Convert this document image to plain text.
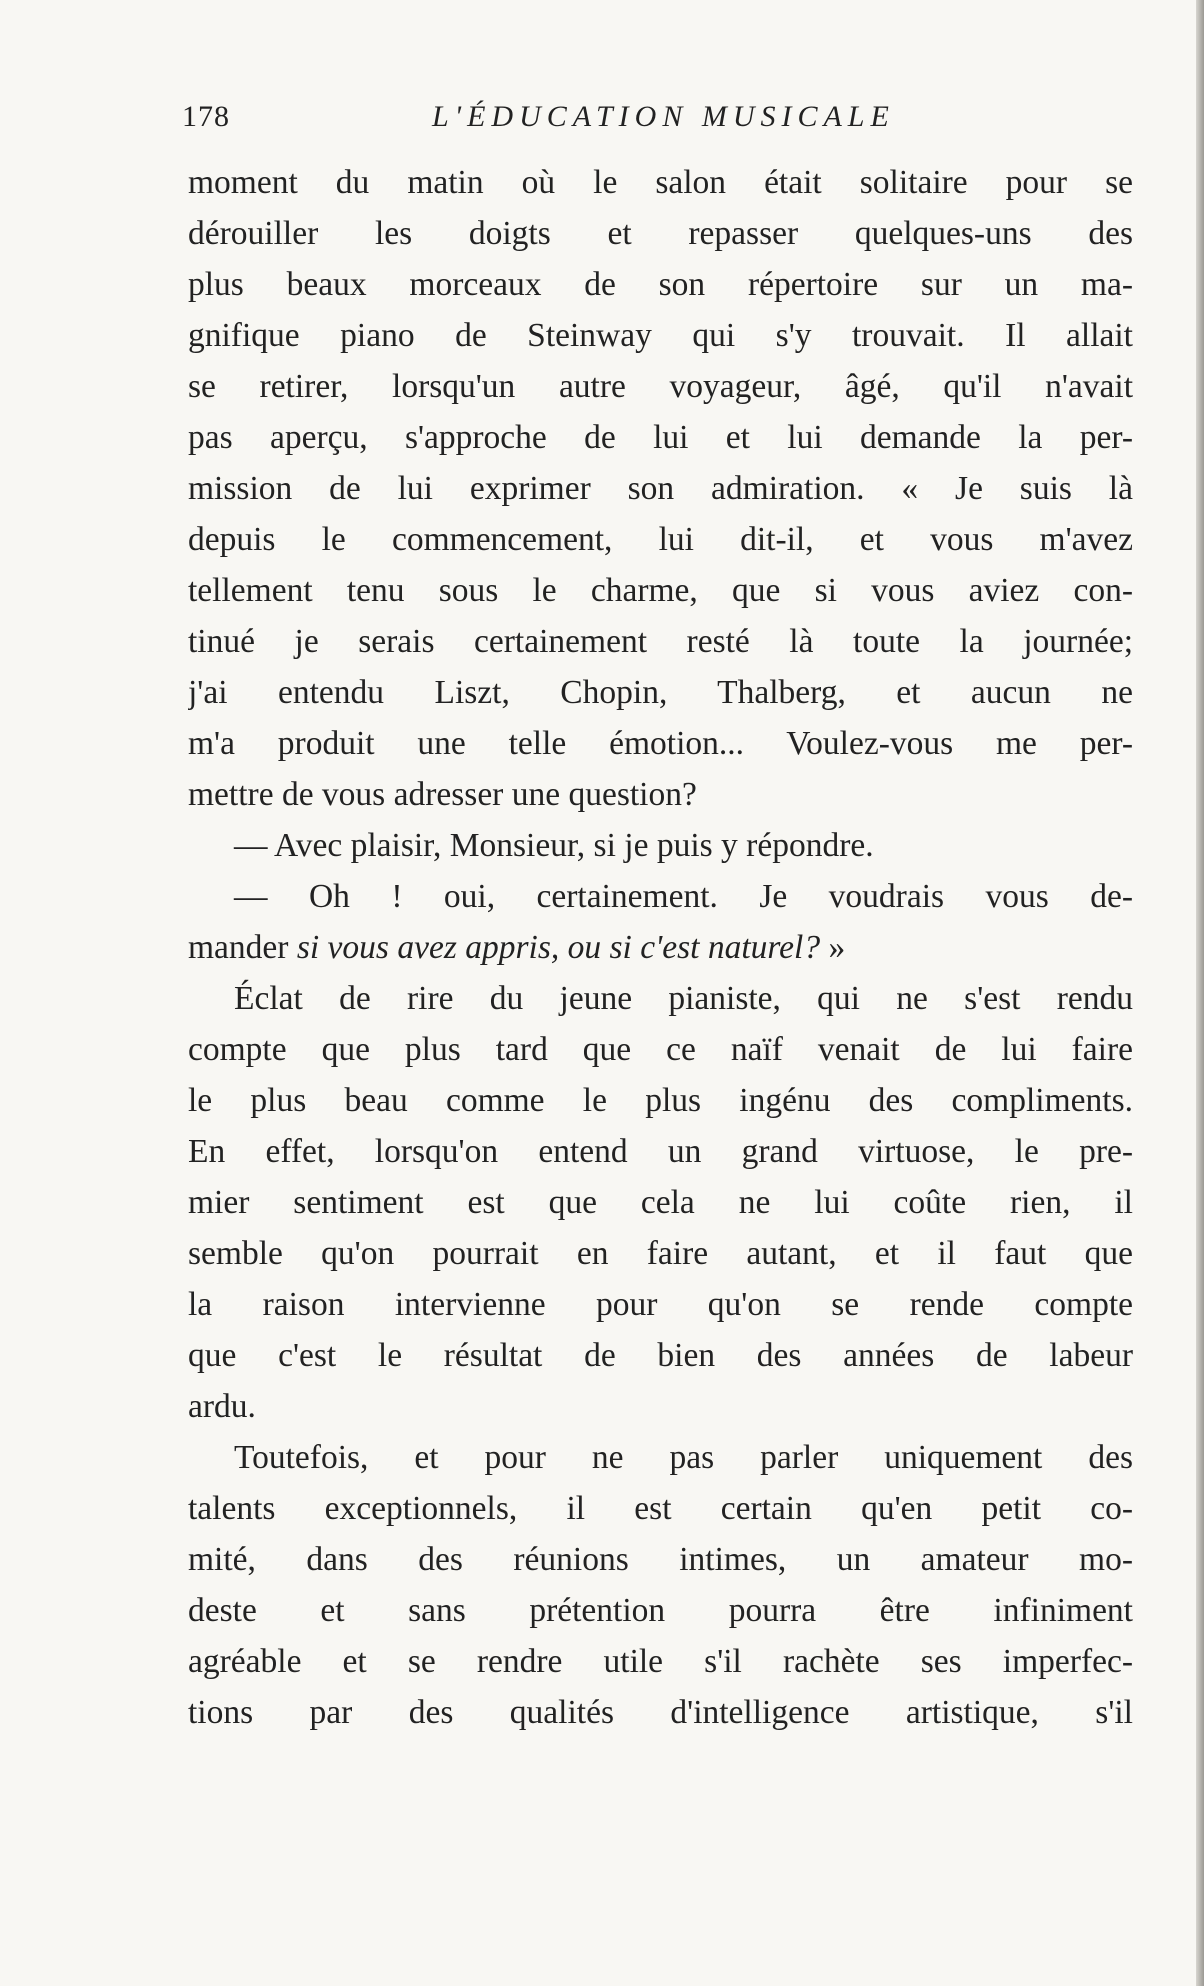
178	L'ÉDUCATION MUSICALE
moment du matin où le salon était solitaire pour se
dérouiller les doigts et repasser quelques-uns des
plus beaux morceaux de son répertoire sur un ma-
gnifique piano de Steinway qui s'y trouvait. Il allait
se retirer, lorsqu'un autre voyageur, âgé, qu'il n'avait
pas aperçu, s'approche de lui et lui demande la per-
mission de lui exprimer son admiration. « Je suis là
depuis le commencement, lui dit-il, et vous m'avez
tellement tenu sous le charme, que si vous aviez con-
tinué je serais certainement resté là toute la journée;
j'ai entendu Liszt, Chopin, Thalberg, et aucun ne
m'a produit une telle émotion... Voulez-vous me per-
mettre de vous adresser une question?
— Avec plaisir, Monsieur, si je puis y répondre.
— Oh ! oui, certainement. Je voudrais vous de-
mander si vous avez appris, ou si c'est naturel? »
Éclat de rire du jeune pianiste, qui ne s'est rendu
compte que plus tard que ce naïf venait de lui faire
le plus beau comme le plus ingénu des compliments.
En effet, lorsqu'on entend un grand virtuose, le pre-
mier sentiment est que cela ne lui coûte rien, il
semble qu'on pourrait en faire autant, et il faut que
la raison intervienne pour qu'on se rende compte
que c'est le résultat de bien des années de labeur
ardu.
Toutefois, et pour ne pas parler uniquement des
talents exceptionnels, il est certain qu'en petit co-
mité, dans des réunions intimes, un amateur mo-
deste et sans prétention pourra être infiniment
agréable et se rendre utile s'il rachète ses imperfec-
tions par des qualités d'intelligence artistique, s'il
